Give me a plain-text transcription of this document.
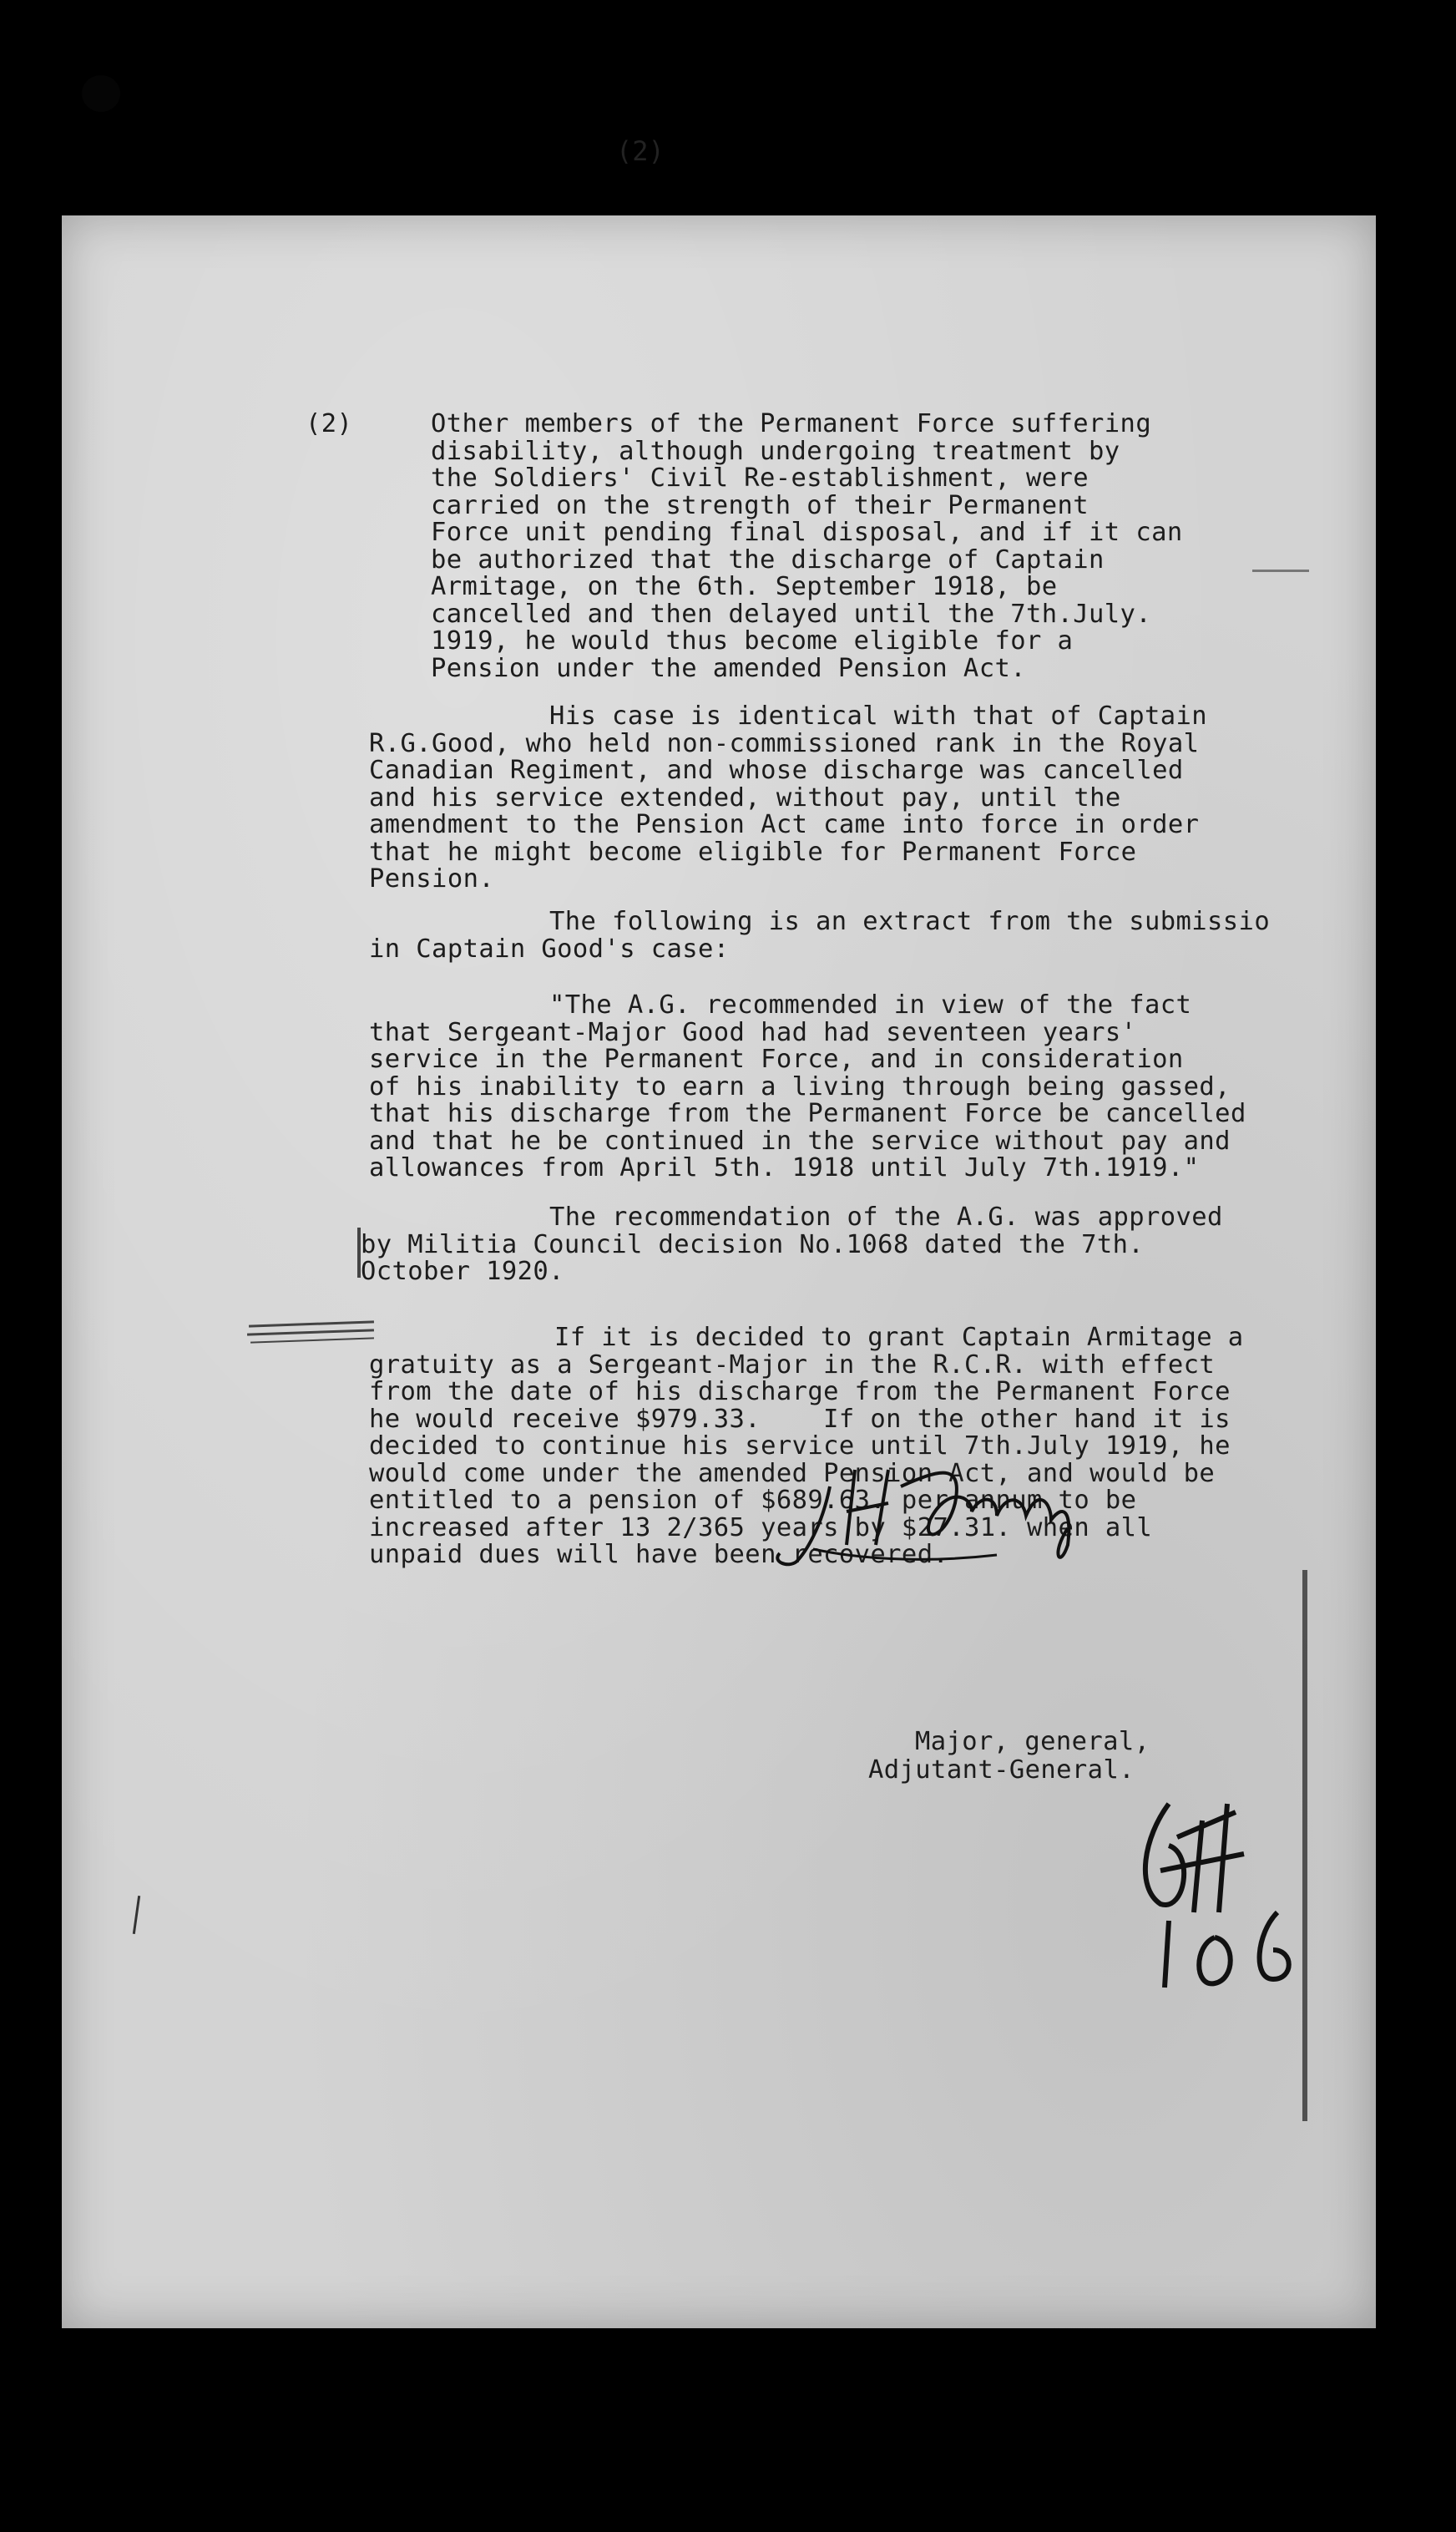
(2)
(2)	Other members of the Permanent Force suffering
disability, although undergoing treatment by
the Soldiers' Civil Re-establishment, were
carried on the strength of their Permanent
Force unit pending final disposal, and if it can
be authorized that the discharge of Captain
Armitage, on the 6th. September 1918, be
cancelled and then delayed until the 7th.July.
1919, he would thus become eligible for a
Pension under the amended Pension Act.
His case is identical with that of Captain
R.G.Good, who held non-commissioned rank in the Royal
Canadian Regiment, and whose discharge was cancelled
and his service extended, without pay, until the
amendment to the Pension Act came into force in order
that he might become eligible for Permanent Force
Pension.
The following is an extract from the submissio
in Captain Good's case:
"The A.G. recommended in view of the fact
that Sergeant-Major Good had had seventeen years'
service in the Permanent Force, and in consideration
of his inability to earn a living through being gassed,
that his discharge from the Permanent Force be cancelled
and that he be continued in the service without pay and
allowances from April 5th. 1918 until July 7th.1919."
The recommendation of the A.G. was approved
by Militia Council decision No.1068 dated the 7th.
October 1920.
If it is decided to grant Captain Armitage a
gratuity as a Sergeant-Major in the R.C.R. with effect
from the date of his discharge from the Permanent Force
he would receive $979.33.    If on the other hand it is
decided to continue his service until 7th.July 1919, he
would come under the amended Pension Act, and would be
entitled to a pension of $689.63. per annum to be
increased after 13 2/365 years by $27.31. when all
unpaid dues will have been recovered.
Major, general,
Adjutant-General.
